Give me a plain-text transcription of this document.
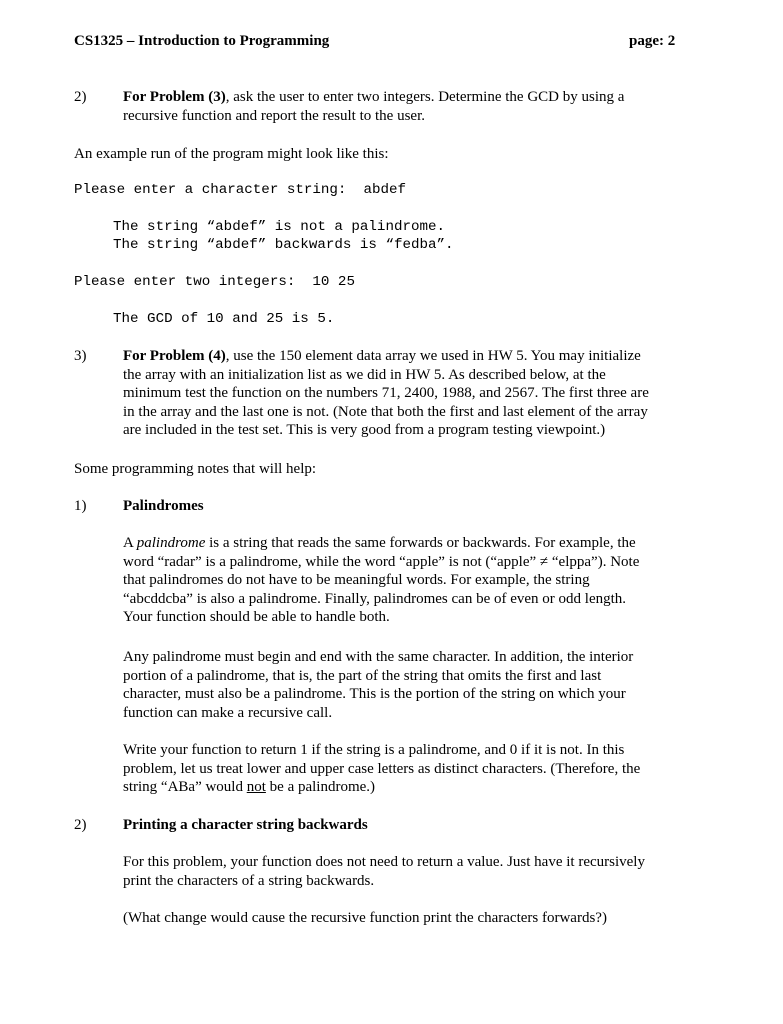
CS1325 – Introduction to Programming	page: 2
2) For Problem (3), ask the user to enter two integers. Determine the GCD by using a
recursive function and report the result to the user.
An example run of the program might look like this:
Please enter a character string:  abdef
The string “abdef” is not a palindrome.
The string “abdef” backwards is “fedba”.
Please enter two integers:  10 25
The GCD of 10 and 25 is 5.
3) For Problem (4), use the 150 element data array we used in HW 5. You may initialize
the array with an initialization list as we did in HW 5. As described below, at the
minimum test the function on the numbers 71, 2400, 1988, and 2567. The first three are
in the array and the last one is not. (Note that both the first and last element of the array
are included in the test set. This is very good from a program testing viewpoint.)
Some programming notes that will help:
1) Palindromes
A palindrome is a string that reads the same forwards or backwards. For example, the
word “radar” is a palindrome, while the word “apple” is not (“apple” ≠ “elppa”). Note
that palindromes do not have to be meaningful words. For example, the string
“abcddcba” is also a palindrome. Finally, palindromes can be of even or odd length.
Your function should be able to handle both.
Any palindrome must begin and end with the same character. In addition, the interior
portion of a palindrome, that is, the part of the string that omits the first and last
character, must also be a palindrome. This is the portion of the string on which your
function can make a recursive call.
Write your function to return 1 if the string is a palindrome, and 0 if it is not. In this
problem, let us treat lower and upper case letters as distinct characters. (Therefore, the
string “ABa” would not be a palindrome.)
2) Printing a character string backwards
For this problem, your function does not need to return a value. Just have it recursively
print the characters of a string backwards.
(What change would cause the recursive function print the characters forwards?)
